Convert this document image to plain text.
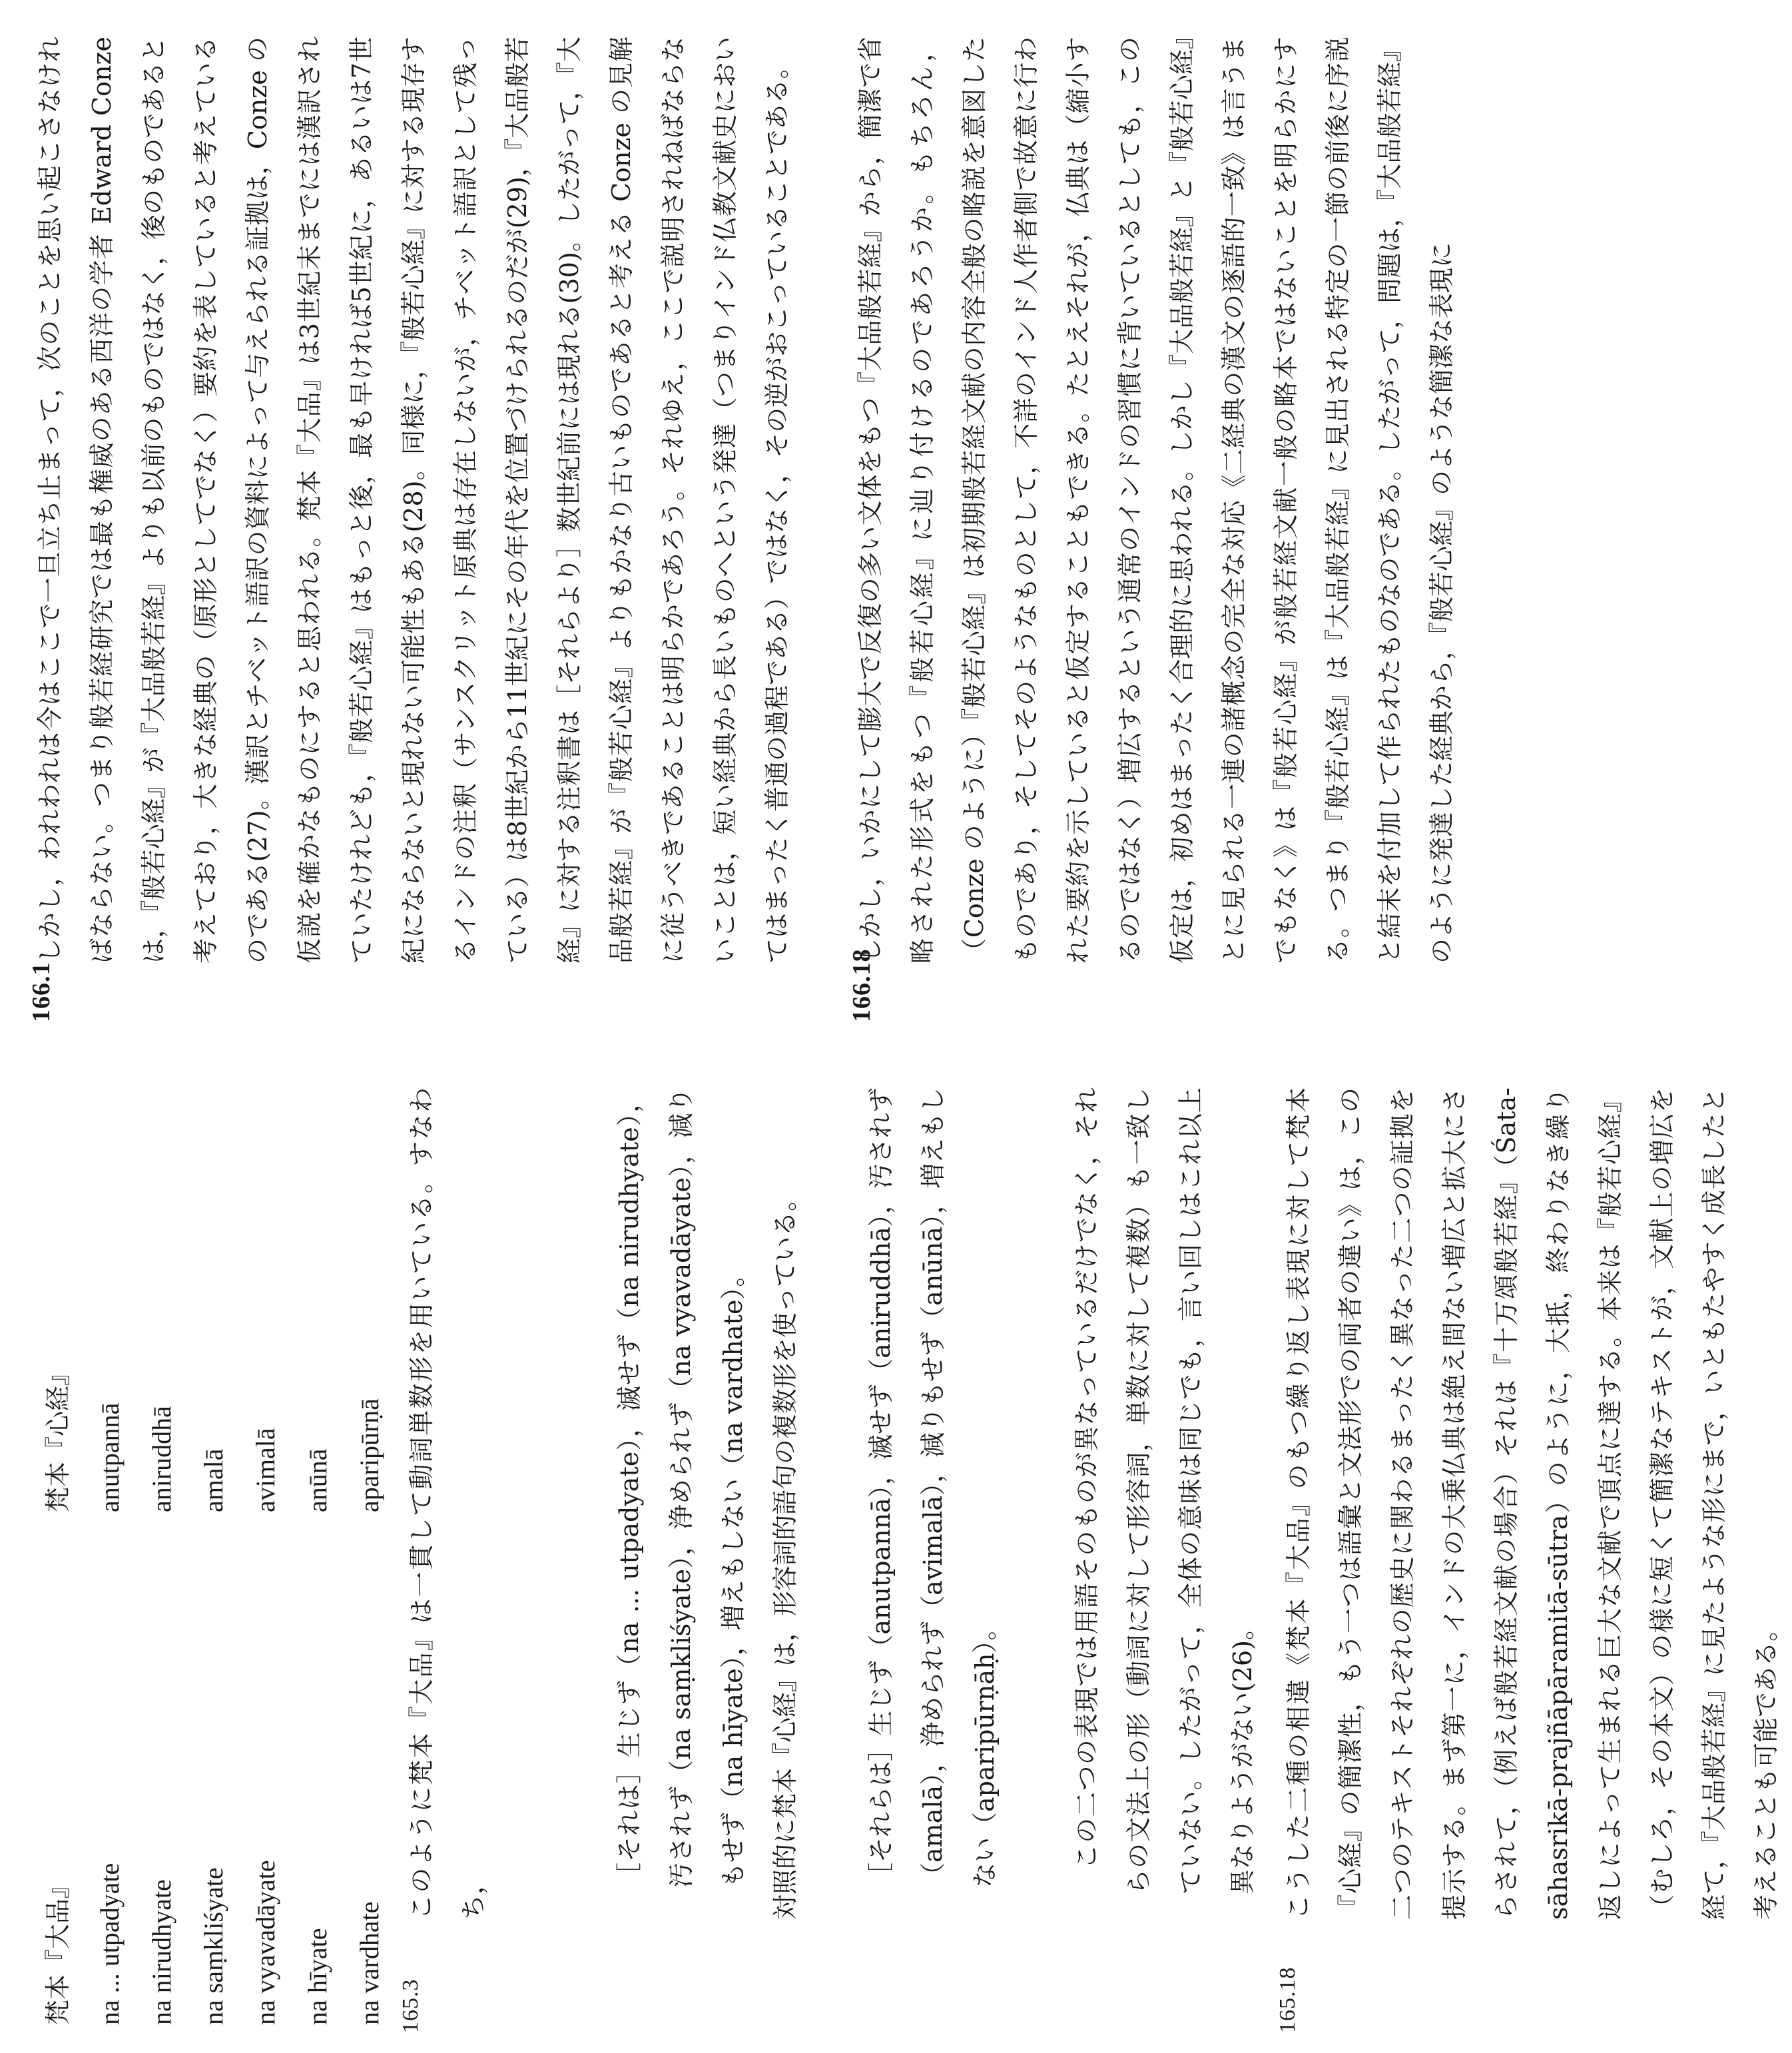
梵本『大品』
梵本『心経』
na ... utpadyate
anutpannā
na nirudhyate
aniruddhā
na saṃkliśyate
amalā
na vyavadāyate
avimalā
na hīyate
anūnā
na vardhate
aparipūrṇā
165.3
このように梵本『大品』は一貫して動詞単数形を用いている。すなわち，
［それは］生じず（na ... utpadyate），滅せず（na nirudhyate），汚されず（na saṃkliśyate），浄められず（na vyavadāyate），減りもせず（na hīyate），増えもしない（na vardhate）。 対照的に梵本『心経』は，形容詞的語句の複数形を使っている。	［それらは］生じず（anutpannā），滅せず（aniruddhā），汚されず（amalā），浄められず（avimalā），減りもせず（anūnā），増えもしない（aparipūrṇāḥ）。	この二つの表現では用語そのものが異なっているだけでなく，それらの文法上の形（動詞に対して形容詞，単数に対して複数）も一致していない。したがって，全体の意味は同じでも，言い回しはこれ以上異なりようがない(26)。
165.18
こうした二種の相違《梵本『大品』のもつ繰り返し表現に対して梵本『心経』の簡潔性，もう一つは語彙と文法形での両者の違い》は，この二つのテキストそれぞれの歴史に関わるまったく異なった二つの証拠を提示する。まず第一に，インドの大乗仏典は絶え間ない増広と拡大にさらされて，（例えば般若経文献の場合）それは『十万頌般若経』（Śata-sāhasrikā-prajñāpāramitā-sūtra）のように，大抵，終わりなき繰り返しによって生まれる巨大な文献で頂点に達する。本来は『般若心経』（むしろ，その本文）の様に短くて簡潔なテキストが，文献上の増広を経て，『大品般若経』に見たような形にまで，いともたやすく成長したと考えることも可能である。
166.1
しかし，われわれは今はここで一旦立ち止まって，次のことを思い起こさなければならない。つまり般若経研究では最も権威のある西洋の学者 Edward Conze は，『般若心経』が『大品般若経』よりも以前のものではなく，後のものであると考えており，大きな経典の（原形としてでなく）要約を表していると考えているのである(27)。漢訳とチベット語訳の資料によって与えられる証拠は，Conze の仮説を確かなものにすると思われる。梵本『大品』は3世紀末までには漢訳されていたけれども，『般若心経』はもっと後，最も早ければ5世紀に，あるいは7世紀にならないと現れない可能性もある(28)。同様に，『般若心経』に対する現存するインドの注釈（サンスクリット原典は存在しないが，チベット語訳として残っている）は8世紀から11世紀にその年代を位置づけられるのだが(29)，『大品般若経』に対する注釈書は［それらより］数世紀前には現れる(30)。したがって，『大品般若経』が『般若心経』よりもかなり古いものであると考える Conze の見解に従うべきであることは明らかであろう。それゆえ，ここで説明されねばならないことは，短い経典から長いものへという発達（つまりインド仏教文献史においてはまったく普通の過程である）ではなく，その逆がおこっていることである。
166.18
しかし，いかにして膨大で反復の多い文体をもつ『大品般若経』から，簡潔で省略された形式をもつ『般若心経』に辿り付けるのであろうか。もちろん，（Conze のように）『般若心経』は初期般若経文献の内容全般の略説を意図したものであり，そしてそのようなものとして，不詳のインド人作者側で故意に行われた要約を示していると仮定することもできる。たとえそれが，仏典は（縮小するのではなく）増広するという通常のインドの習慣に背いているとしても，この仮定は，初めはまったく合理的に思われる。しかし『大品般若経』と『般若心経』とに見られる一連の諸概念の完全な対応《二経典の漢文の逐語的一致》は言うまでもなく》は『般若心経』が般若経文献一般の略本ではないことを明らかにする。つまり『般若心経』は『大品般若経』に見出される特定の一節の前後に序説と結末を付加して作られたものなのである。したがって，問題は，『大品般若経』のように発達した経典から，『般若心経』のような簡潔な表現に
